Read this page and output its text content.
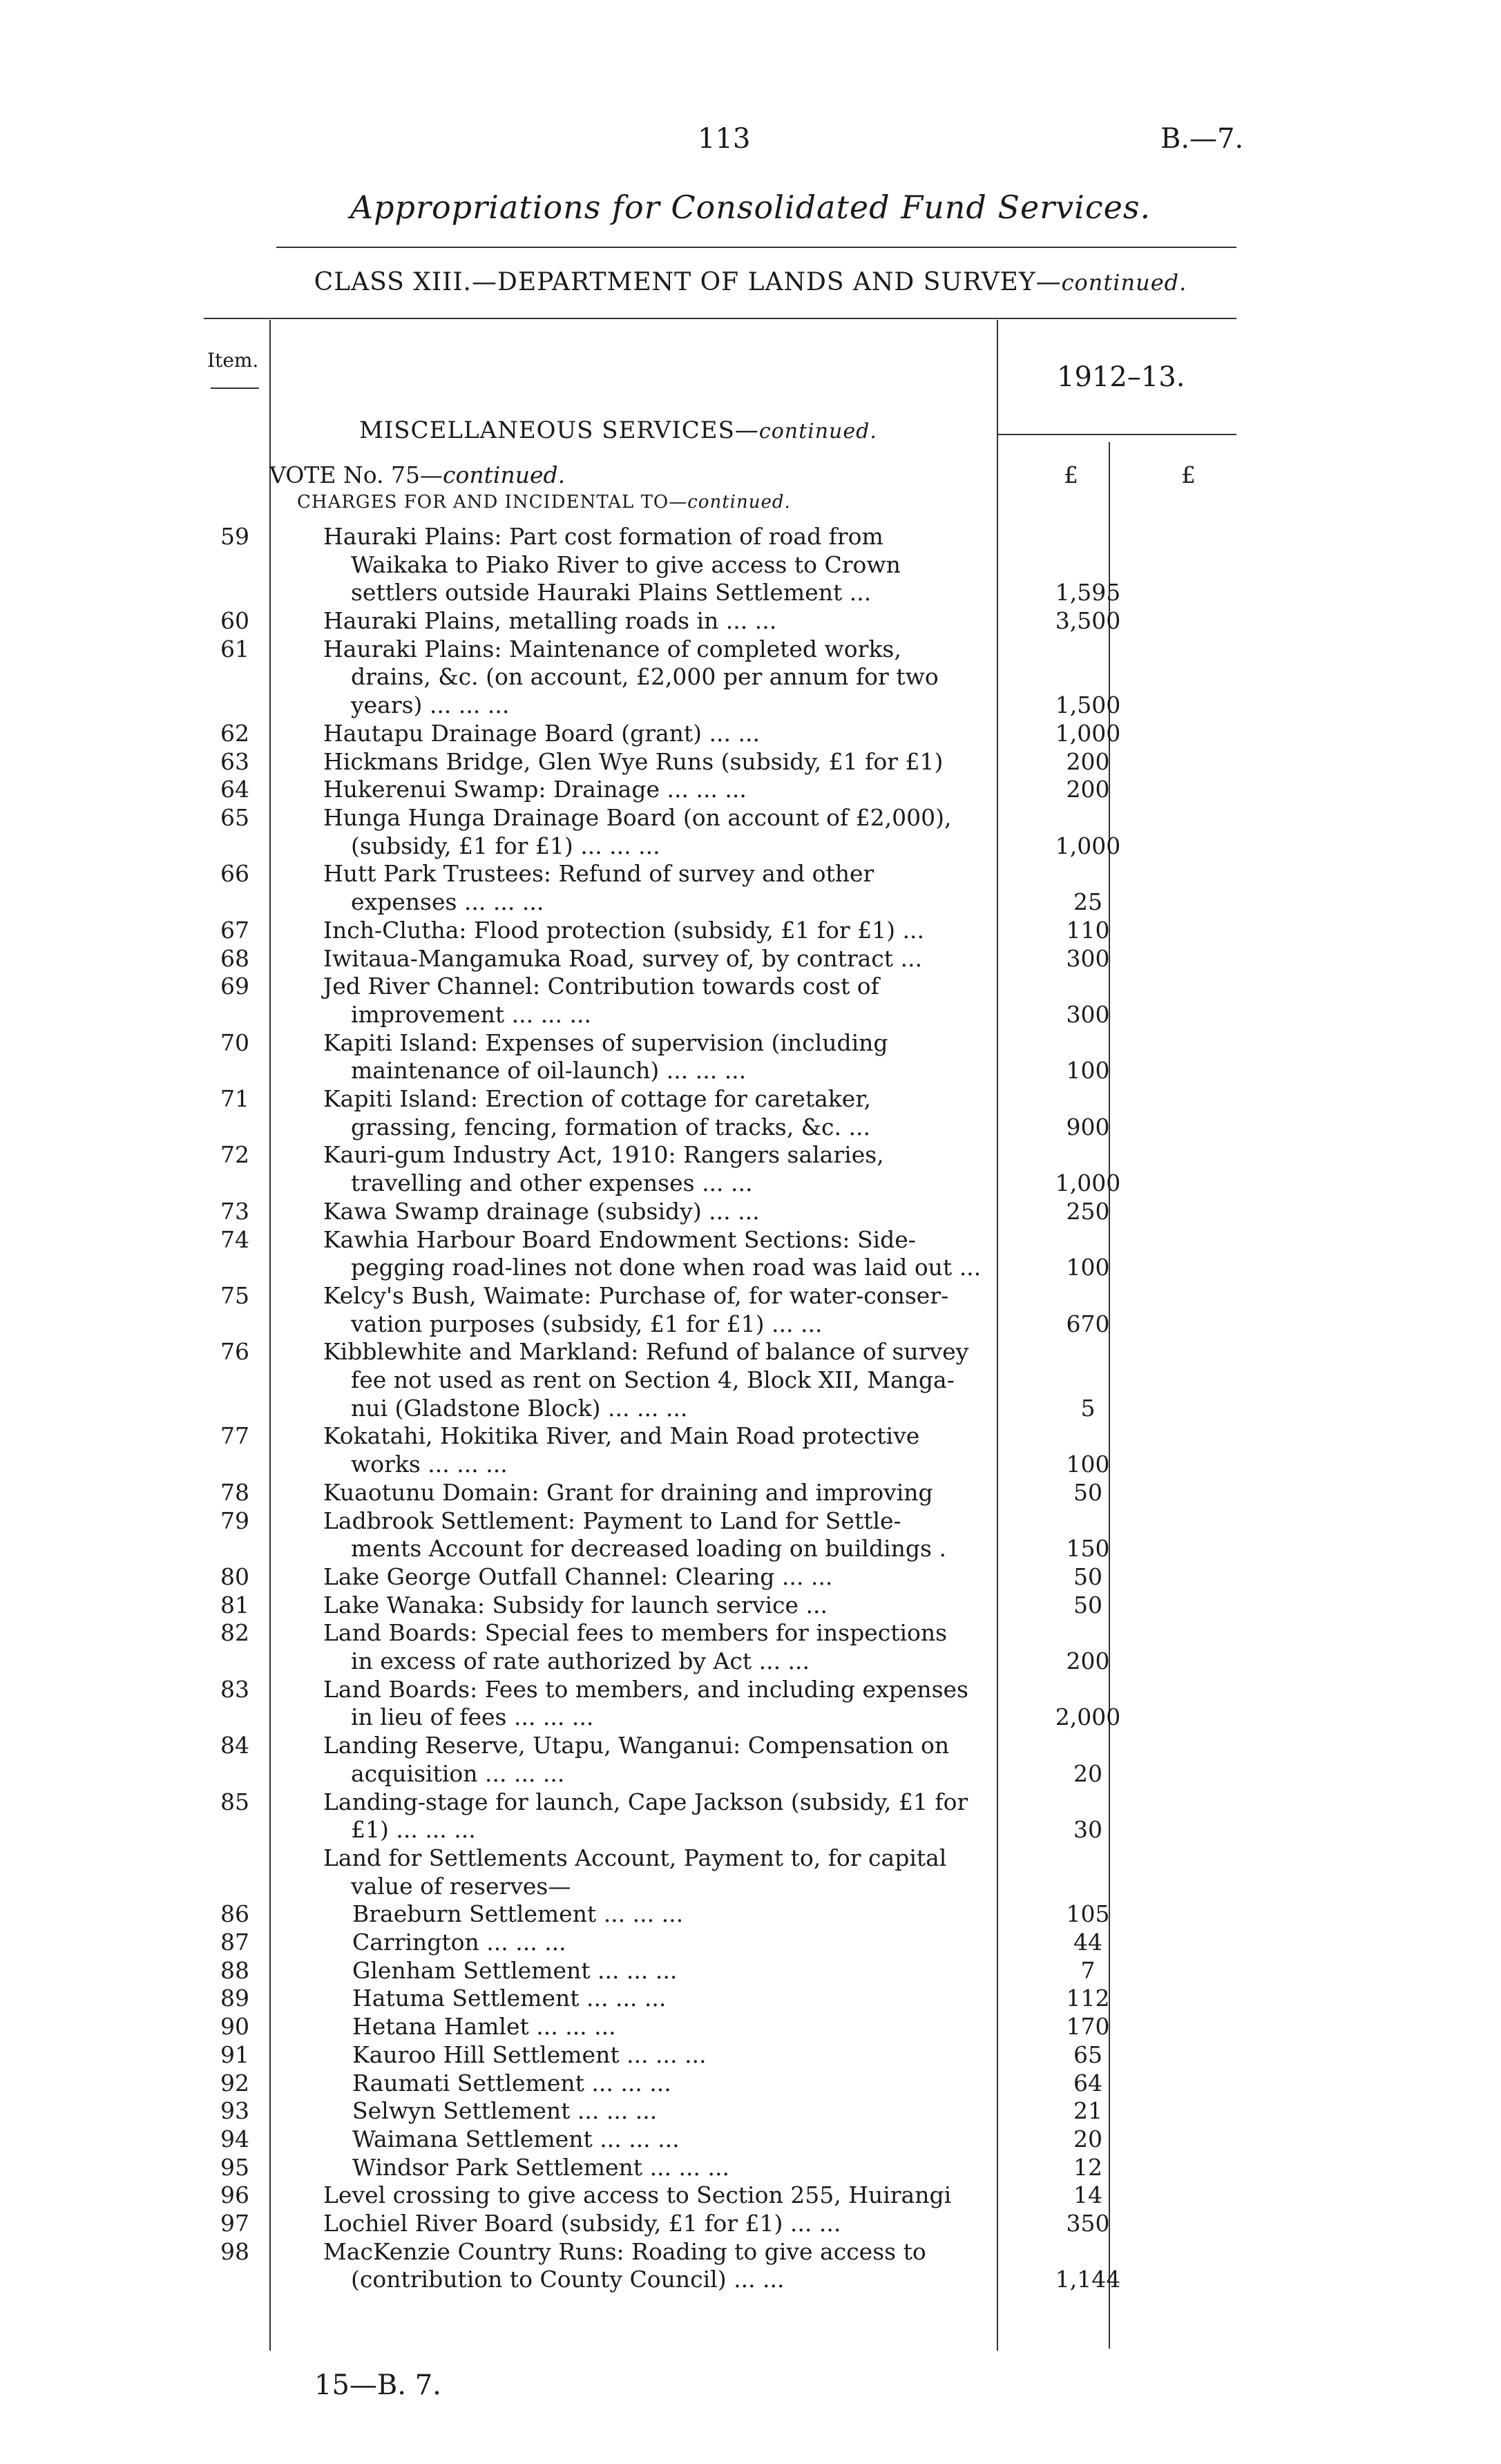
113	B.—7.
Appropriations for Consolidated Fund Services.
CLASS XIII.—DEPARTMENT OF LANDS AND SURVEY—continued.
Item.
1912–13.
MISCELLANEOUS SERVICES—continued.
VOTE No. 75—continued.	£	£
CHARGES FOR AND INCIDENTAL TO—continued.
59	Hauraki Plains: Part cost formation of road from
Waikaka to Piako River to give access to Crown
settlers outside Hauraki Plains Settlement ...	1,595
60	Hauraki Plains, metalling roads in ... ...	3,500
61	Hauraki Plains: Maintenance of completed works,
drains, &c. (on account, £2,000 per annum for two
years) ... ... ...	1,500
62	Hautapu Drainage Board (grant) ... ...	1,000
63	Hickmans Bridge, Glen Wye Runs (subsidy, £1 for £1)	200
64	Hukerenui Swamp: Drainage ... ... ...	200
65	Hunga Hunga Drainage Board (on account of £2,000),
(subsidy, £1 for £1) ... ... ...	1,000
66	Hutt Park Trustees: Refund of survey and other
expenses ... ... ...	25
67	Inch-Clutha: Flood protection (subsidy, £1 for £1) ...	110
68	Iwitaua-Mangamuka Road, survey of, by contract ...	300
69	Jed River Channel: Contribution towards cost of
improvement ... ... ...	300
70	Kapiti Island: Expenses of supervision (including
maintenance of oil-launch) ... ... ...	100
71	Kapiti Island: Erection of cottage for caretaker,
grassing, fencing, formation of tracks, &c. ...	900
72	Kauri-gum Industry Act, 1910: Rangers salaries,
travelling and other expenses ... ...	1,000
73	Kawa Swamp drainage (subsidy) ... ...	250
74	Kawhia Harbour Board Endowment Sections: Side-
pegging road-lines not done when road was laid out ...	100
75	Kelcy's Bush, Waimate: Purchase of, for water-conser-
vation purposes (subsidy, £1 for £1) ... ...	670
76	Kibblewhite and Markland: Refund of balance of survey
fee not used as rent on Section 4, Block XII, Manga-
nui (Gladstone Block) ... ... ...	5
77	Kokatahi, Hokitika River, and Main Road protective
works ... ... ...	100
78	Kuaotunu Domain: Grant for draining and improving	50
79	Ladbrook Settlement: Payment to Land for Settle-
ments Account for decreased loading on buildings .	150
80	Lake George Outfall Channel: Clearing ... ...	50
81	Lake Wanaka: Subsidy for launch service ...	50
82	Land Boards: Special fees to members for inspections
in excess of rate authorized by Act ... ...	200
83	Land Boards: Fees to members, and including expenses
in lieu of fees ... ... ...	2,000
84	Landing Reserve, Utapu, Wanganui: Compensation on
acquisition ... ... ...	20
85	Landing-stage for launch, Cape Jackson (subsidy, £1 for
£1) ... ... ...	30
Land for Settlements Account, Payment to, for capital
value of reserves—
86	Braeburn Settlement ... ... ...	105
87	Carrington ... ... ...	44
88	Glenham Settlement ... ... ...	7
89	Hatuma Settlement ... ... ...	112
90	Hetana Hamlet ... ... ...	170
91	Kauroo Hill Settlement ... ... ...	65
92	Raumati Settlement ... ... ...	64
93	Selwyn Settlement ... ... ...	21
94	Waimana Settlement ... ... ...	20
95	Windsor Park Settlement ... ... ...	12
96	Level crossing to give access to Section 255, Huirangi	14
97	Lochiel River Board (subsidy, £1 for £1) ... ...	350
98	MacKenzie Country Runs: Roading to give access to
(contribution to County Council) ... ...	1,144
15—B. 7.
